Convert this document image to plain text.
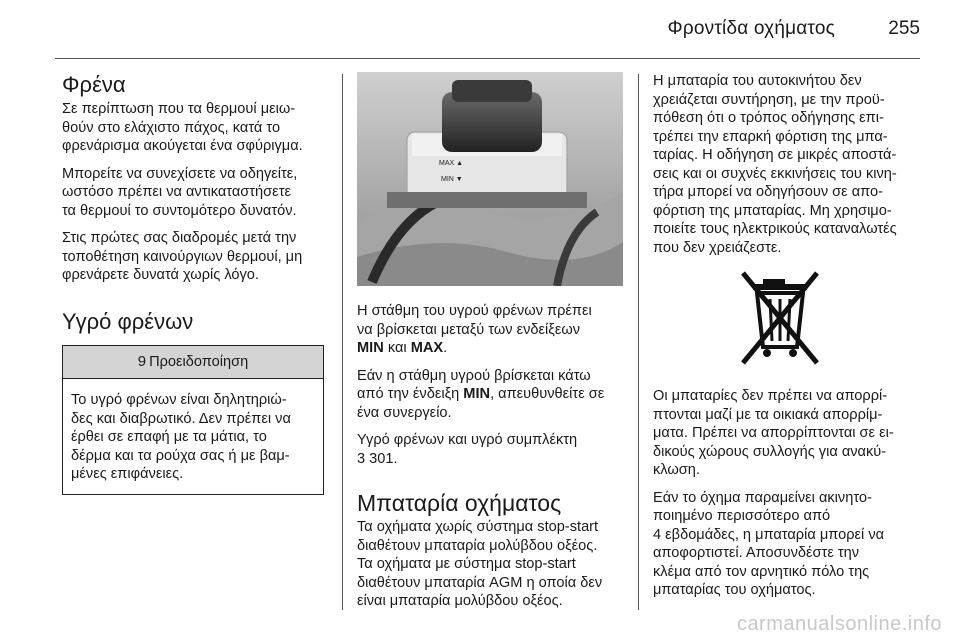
Φροντίδα οχήματος	255
Φρένα

Σε περίπτωση που τα θερμουί μειω-
θούν στο ελάχιστο πάχος, κατά το
φρενάρισμα ακούγεται ένα σφύριγμα.

Μπορείτε να συνεχίσετε να οδηγείτε,
ωστόσο πρέπει να αντικαταστήσετε
τα θερμουί το συντομότερο δυνατόν.

Στις πρώτες σας διαδρομές μετά την
τοποθέτηση καινούργιων θερμουί, μη
φρενάρετε δυνατά χωρίς λόγο.

Υγρό φρένων
9 Προειδοποίηση
Το υγρό φρένων είναι δηλητηριώ-
δες και διαβρωτικό. Δεν πρέπει να
έρθει σε επαφή με τα μάτια, το
δέρμα και τα ρούχα σας ή με βαμ-
μένες επιφάνειες.
MAX ▲
MIN ▼

Η στάθμη του υγρού φρένων πρέπει
να βρίσκεται μεταξύ των ενδείξεων
MIN και MAX.

Εάν η στάθμη υγρού βρίσκεται κάτω
από την ένδειξη MIN, απευθυνθείτε σε
ένα συνεργείο.

Υγρό φρένων και υγρό συμπλέκτη
3 301.

Μπαταρία οχήματος

Τα οχήματα χωρίς σύστημα stop-start
διαθέτουν μπαταρία μολύβδου οξέος.
Τα οχήματα με σύστημα stop-start
διαθέτουν μπαταρία AGM η οποία δεν
είναι μπαταρία μολύβδου οξέος.

Η μπαταρία του αυτοκινήτου δεν
χρειάζεται συντήρηση, με την προϋ-
πόθεση ότι ο τρόπος οδήγησης επι-
τρέπει την επαρκή φόρτιση της μπα-
ταρίας. Η οδήγηση σε μικρές αποστά-
σεις και οι συχνές εκκινήσεις του κινη-
τήρα μπορεί να οδηγήσουν σε απο-
φόρτιση της μπαταρίας. Μη χρησιμο-
ποιείτε τους ηλεκτρικούς καταναλωτές
που δεν χρειάζεστε.

Οι μπαταρίες δεν πρέπει να απορρί-
πτονται μαζί με τα οικιακά απορρίμ-
ματα. Πρέπει να απορρίπτονται σε ει-
δικούς χώρους συλλογής για ανακύ-
κλωση.

Εάν το όχημα παραμείνει ακινητο-
ποιημένο περισσότερο από
4 εβδομάδες, η μπαταρία μπορεί να
αποφορτιστεί. Αποσυνδέστε την
κλέμα από τον αρνητικό πόλο της
μπαταρίας του οχήματος.

carmanualsonline.info
